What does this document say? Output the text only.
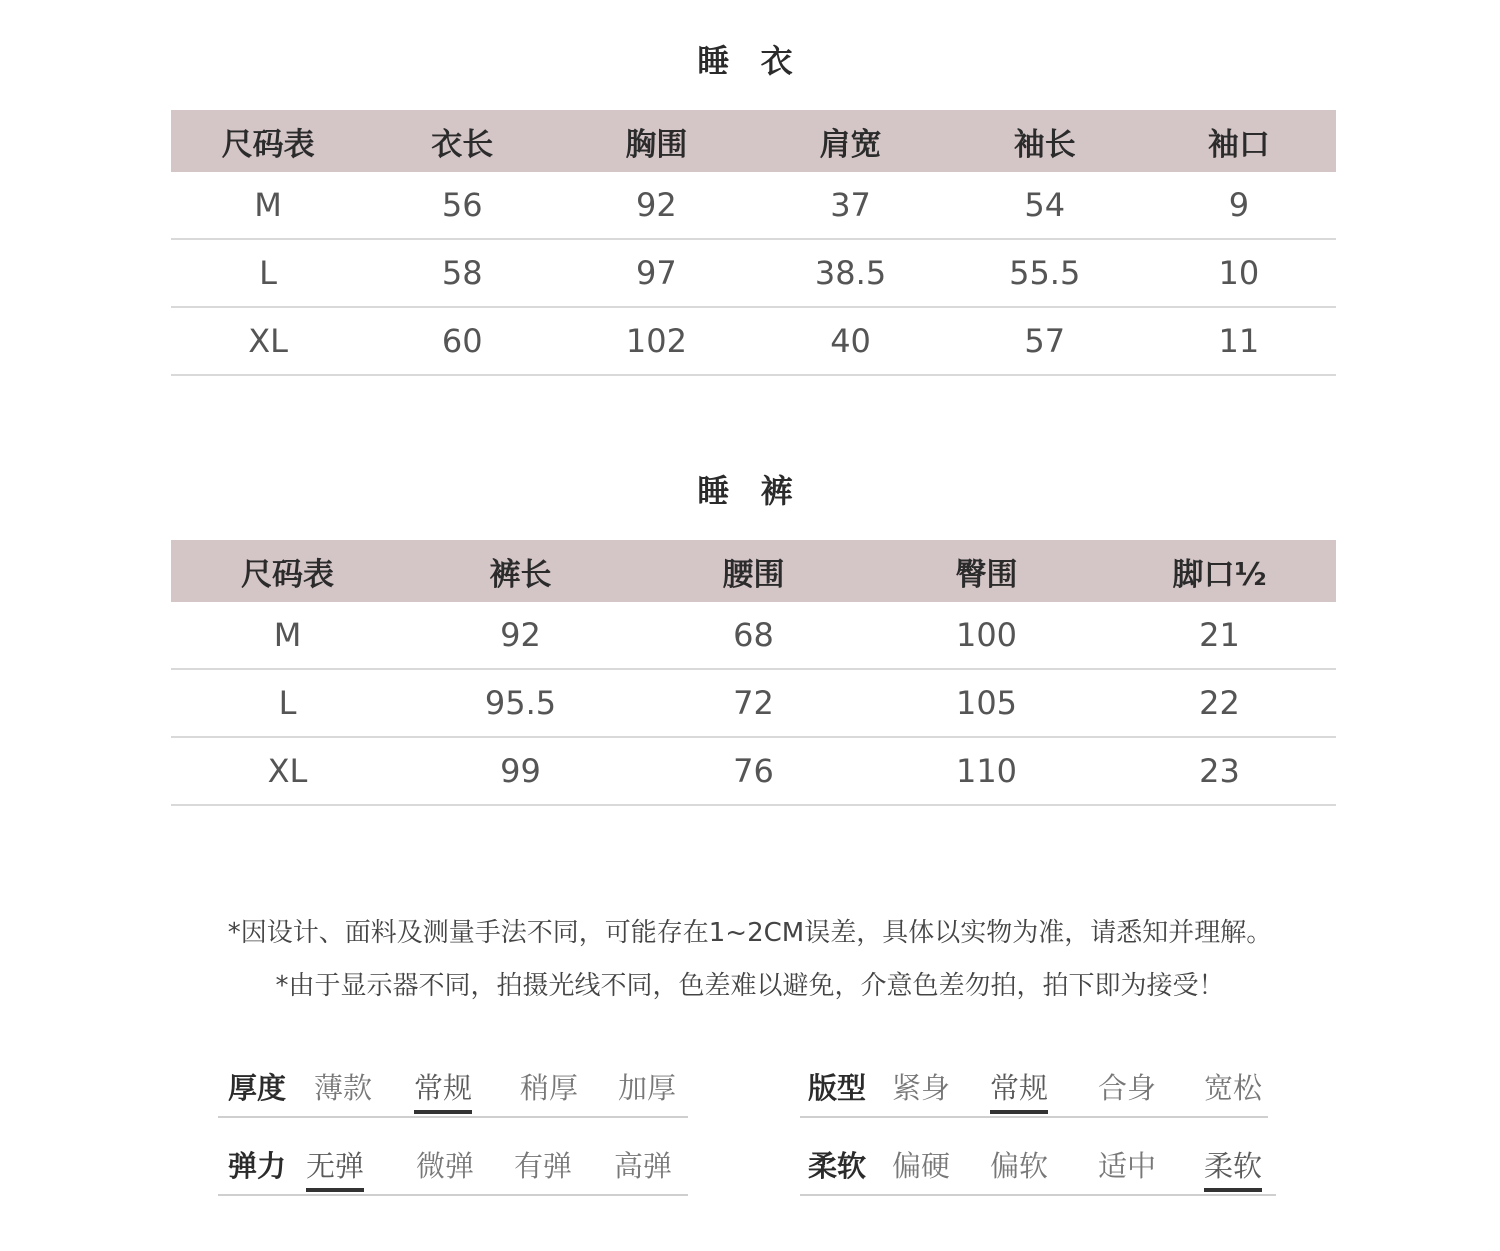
睡 衣
尺码表	衣长	胸围	肩宽	袖长	袖口
M	56	92	37	54	9
L	58	97	38.5	55.5	10
XL	60	102	40	57	11
睡 裤
尺码表	裤长	腰围	臀围	脚口½
M	92	68	100	21
L	95.5	72	105	22
XL	99	76	110	23
*因设计、面料及测量手法不同，可能存在1~2CM误差，具体以实物为准，请悉知并理解。
*由于显示器不同，拍摄光线不同，色差难以避免，介意色差勿拍，拍下即为接受！
厚度 薄款 常规 稍厚 加厚	版型 紧身 常规 合身 宽松
弹力 无弹 微弹 有弹 高弹	柔软 偏硬 偏软 适中 柔软
